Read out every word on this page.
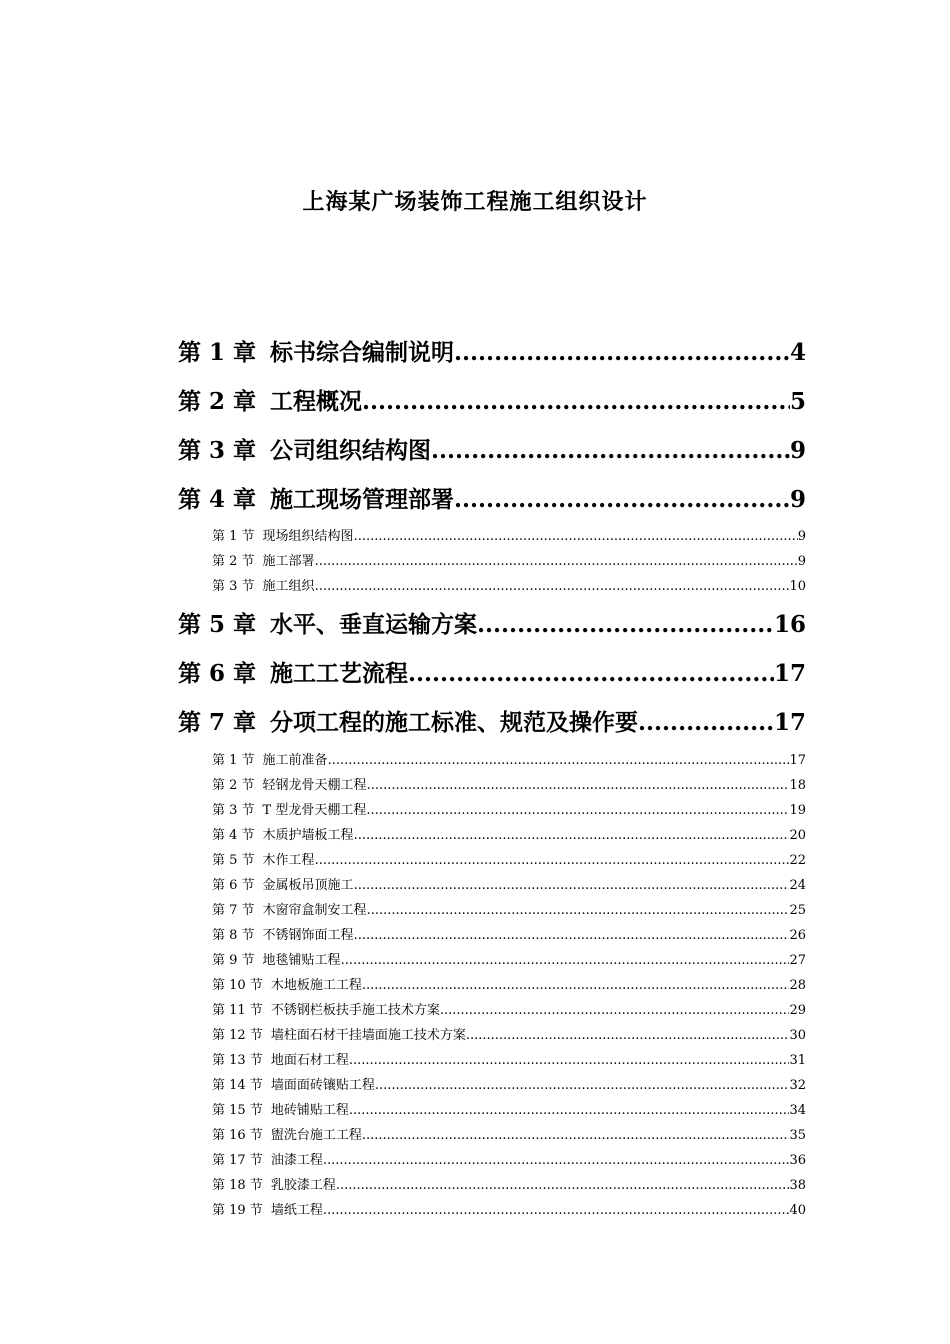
上海某广场装饰工程施工组织设计
第 1 章 标书综合编制说明 .....	4
第 2 章 工程概况 .....	5
第 3 章 公司组织结构图 .....	9
第 4 章 施工现场管理部署 .....	9
第 1 节 现场组织结构图 .....	9
第 2 节 施工部署 .....	9
第 3 节 施工组织 .....	10
第 5 章 水平、垂直运输方案 .....	16
第 6 章 施工工艺流程 .....	17
第 7 章 分项工程的施工标准、规范及操作要 .....	17
第 1 节 施工前准备 .....	17
第 2 节 轻钢龙骨天棚工程 .....	18
第 3 节 T 型龙骨天棚工程 .....	19
第 4 节 木质护墙板工程 .....	20
第 5 节 木作工程 .....	22
第 6 节 金属板吊顶施工 .....	24
第 7 节 木窗帘盒制安工程 .....	25
第 8 节 不锈钢饰面工程 .....	26
第 9 节 地毯铺贴工程 .....	27
第 10 节 木地板施工工程 .....	28
第 11 节 不锈钢栏板扶手施工技术方案 .....	29
第 12 节 墙柱面石材干挂墙面施工技术方案 .....	30
第 13 节 地面石材工程 .....	31
第 14 节 墙面面砖镶贴工程 .....	32
第 15 节 地砖铺贴工程 .....	34
第 16 节 盥洗台施工工程 .....	35
第 17 节 油漆工程 .....	36
第 18 节 乳胶漆工程 .....	38
第 19 节 墙纸工程 .....	40
